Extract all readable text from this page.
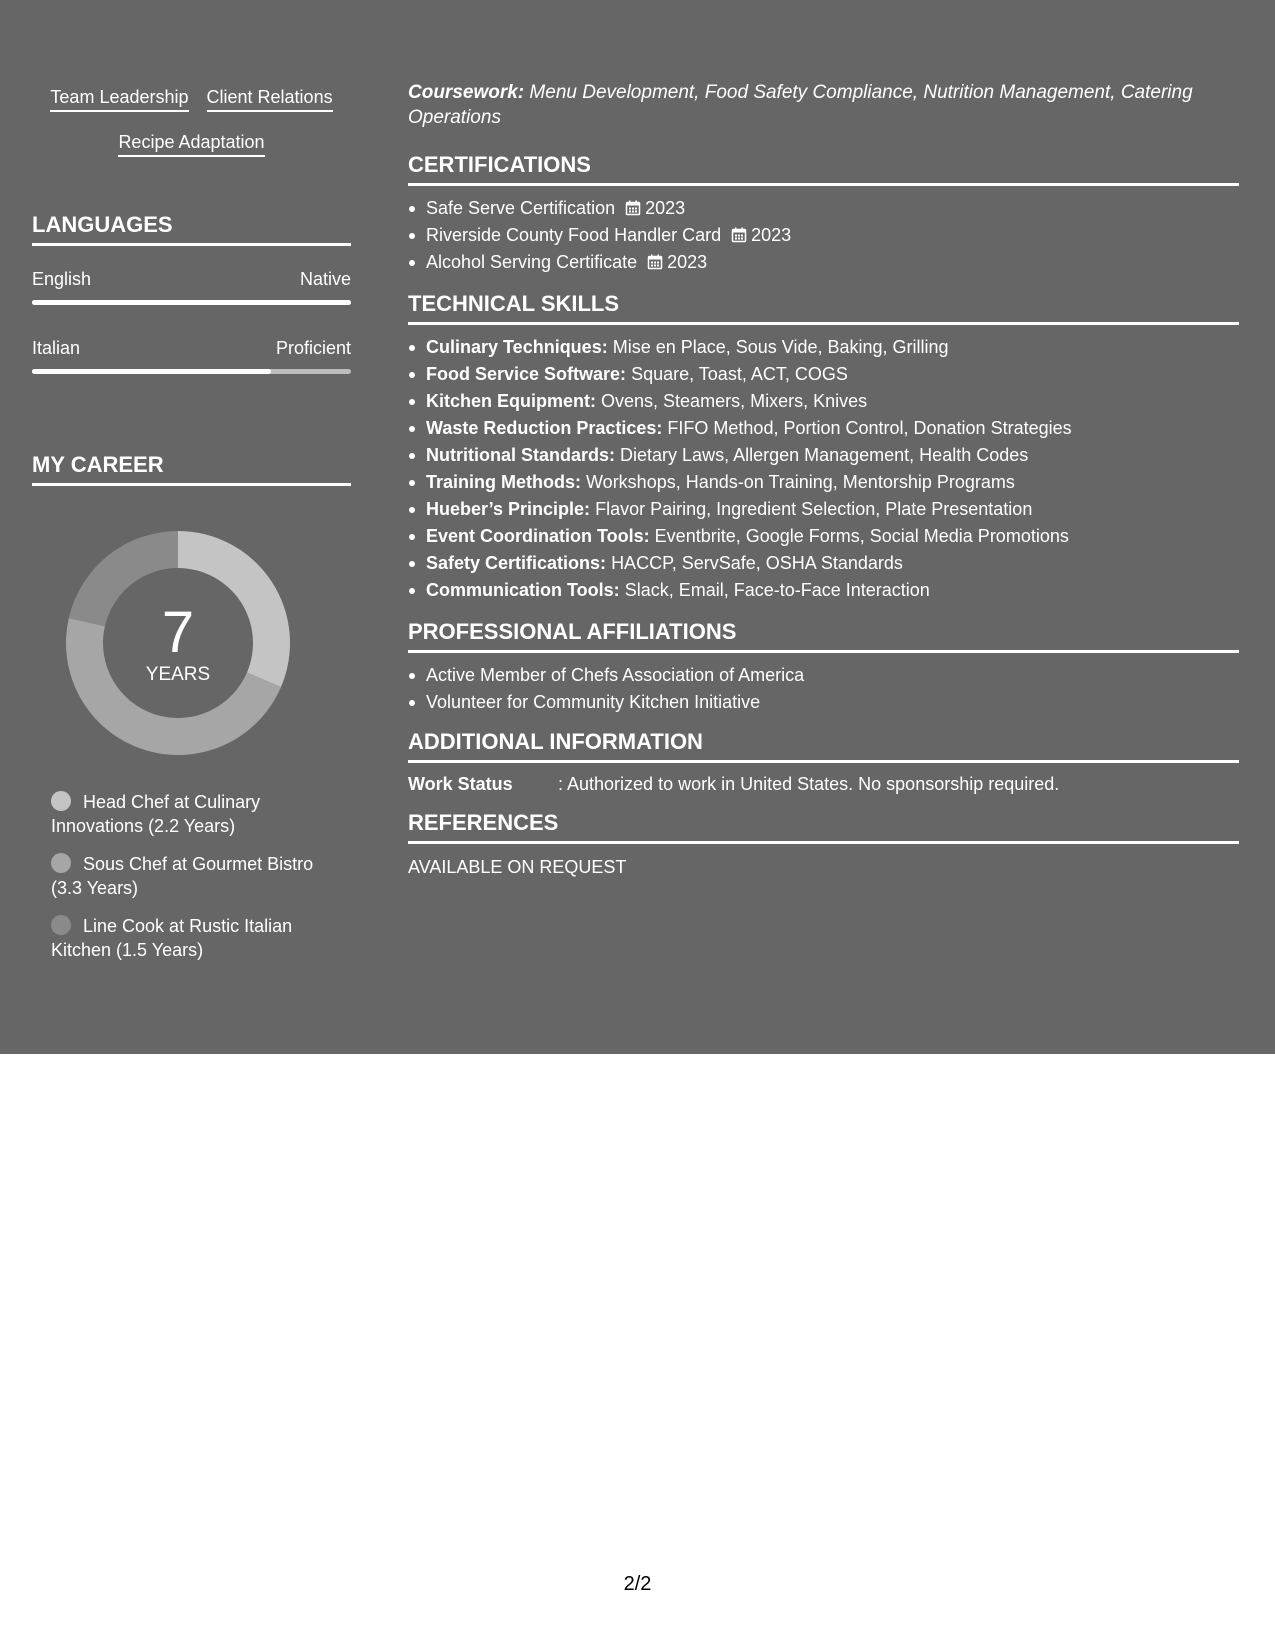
Team Leadership Client Relations
Recipe Adaptation
LANGUAGES
English	Native
Italian	Proficient
MY CAREER
7
YEARS
Head Chef at Culinary Innovations (2.2 Years)
Sous Chef at Gourmet Bistro (3.3 Years)
Line Cook at Rustic Italian Kitchen (1.5 Years)
Coursework: Menu Development, Food Safety Compliance, Nutrition Management, Catering Operations
CERTIFICATIONS
Safe Serve Certification 2023
Riverside County Food Handler Card 2023
Alcohol Serving Certificate 2023
TECHNICAL SKILLS
Culinary Techniques: Mise en Place, Sous Vide, Baking, Grilling
Food Service Software: Square, Toast, ACT, COGS
Kitchen Equipment: Ovens, Steamers, Mixers, Knives
Waste Reduction Practices: FIFO Method, Portion Control, Donation Strategies
Nutritional Standards: Dietary Laws, Allergen Management, Health Codes
Training Methods: Workshops, Hands-on Training, Mentorship Programs
Hueber’s Principle: Flavor Pairing, Ingredient Selection, Plate Presentation
Event Coordination Tools: Eventbrite, Google Forms, Social Media Promotions
Safety Certifications: HACCP, ServSafe, OSHA Standards
Communication Tools: Slack, Email, Face-to-Face Interaction
PROFESSIONAL AFFILIATIONS
Active Member of Chefs Association of America
Volunteer for Community Kitchen Initiative
ADDITIONAL INFORMATION
Work Status	: Authorized to work in United States. No sponsorship required.
REFERENCES
AVAILABLE ON REQUEST
2/2
